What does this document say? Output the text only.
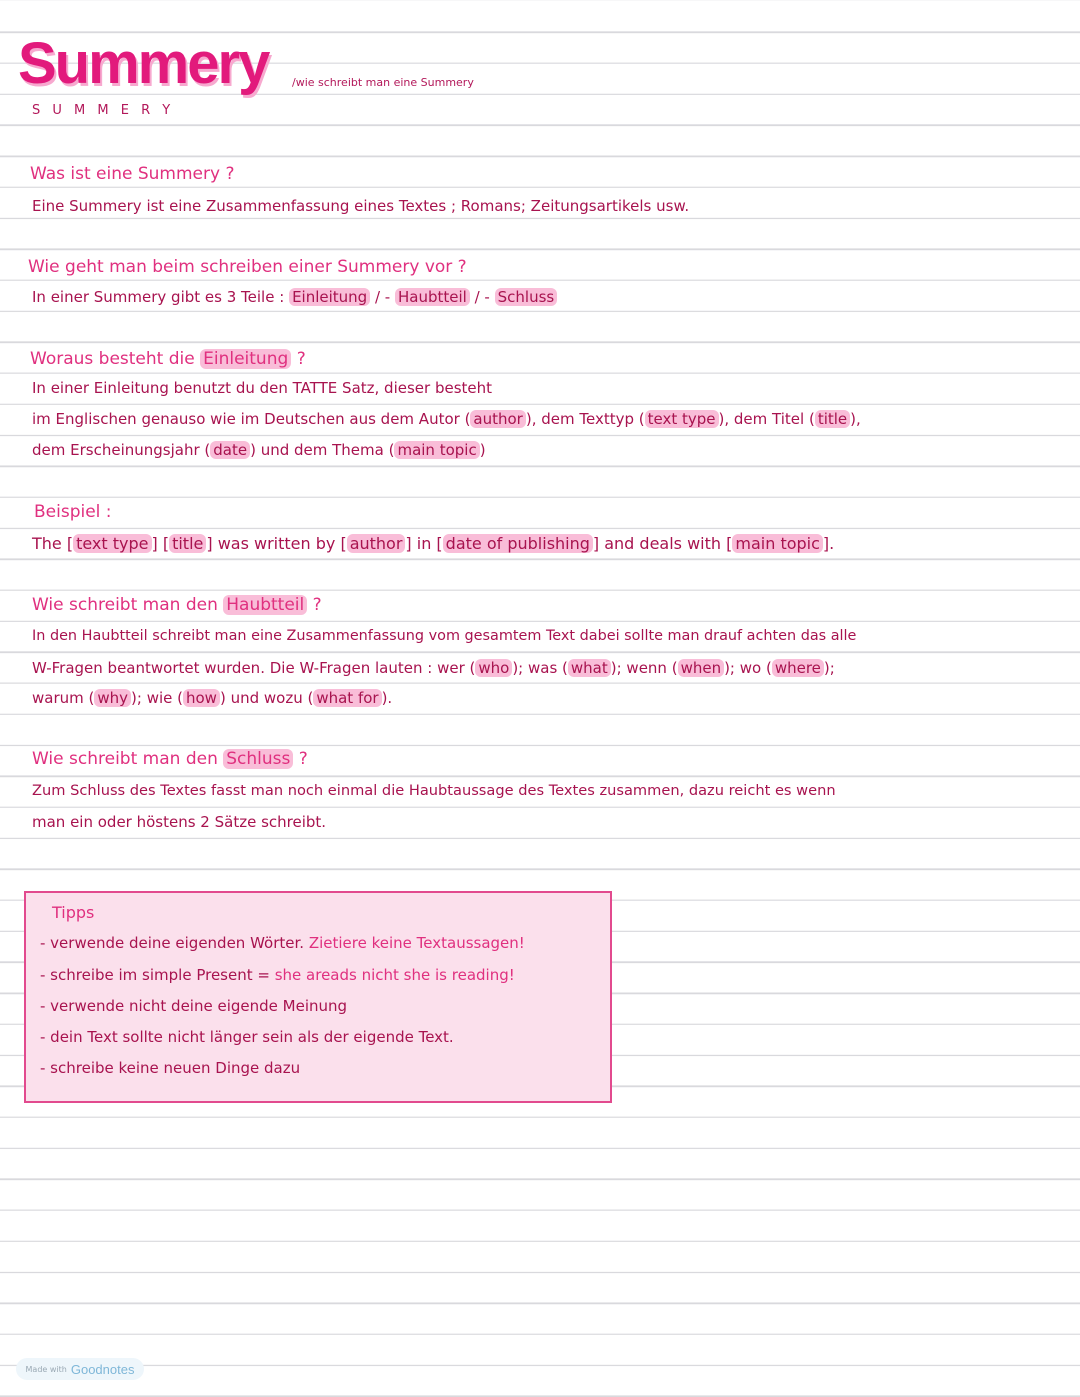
Summery /wie schreibt man eine Summery
S U M M E R Y
Was ist eine Summery ?
Eine Summery ist eine Zusammenfassung eines Textes ; Romans; Zeitungsartikels usw.
Wie geht man beim schreiben einer Summery vor ?
In einer Summery gibt es 3 Teile : Einleitung / - Haubtteil / - Schluss
Woraus besteht die Einleitung ?
In einer Einleitung benutzt du den TATTE Satz, dieser besteht
im Englischen genauso wie im Deutschen aus dem Autor ( author ), dem Texttyp ( text type ), dem Titel ( title ),
dem Erscheinungsjahr ( date ) und dem Thema ( main topic )
Beispiel :
The [ text type ] [ title ] was written by [ author ] in [ date of publishing ] and deals with [ main topic ].
Wie schreibt man den Haubtteil ?
In den Haubtteil schreibt man eine Zusammenfassung vom gesamtem Text dabei sollte man drauf achten das alle
W-Fragen beantwortet wurden. Die W-Fragen lauten : wer ( who ); was ( what ); wenn ( when ); wo ( where );
warum ( why ); wie ( how ) und wozu ( what for ).
Wie schreibt man den Schluss ?
Zum Schluss des Textes fasst man noch einmal die Haubtaussage des Textes zusammen, dazu reicht es wenn
man ein oder höstens 2 Sätze schreibt.
Tipps
- verwende deine eigenden Wörter. Zietiere keine Textaussagen!
- schreibe im simple Present = she areads nicht she is reading!
- verwende nicht deine eigende Meinung
- dein Text sollte nicht länger sein als der eigende Text.
- schreibe keine neuen Dinge dazu
Made with Goodnotes
